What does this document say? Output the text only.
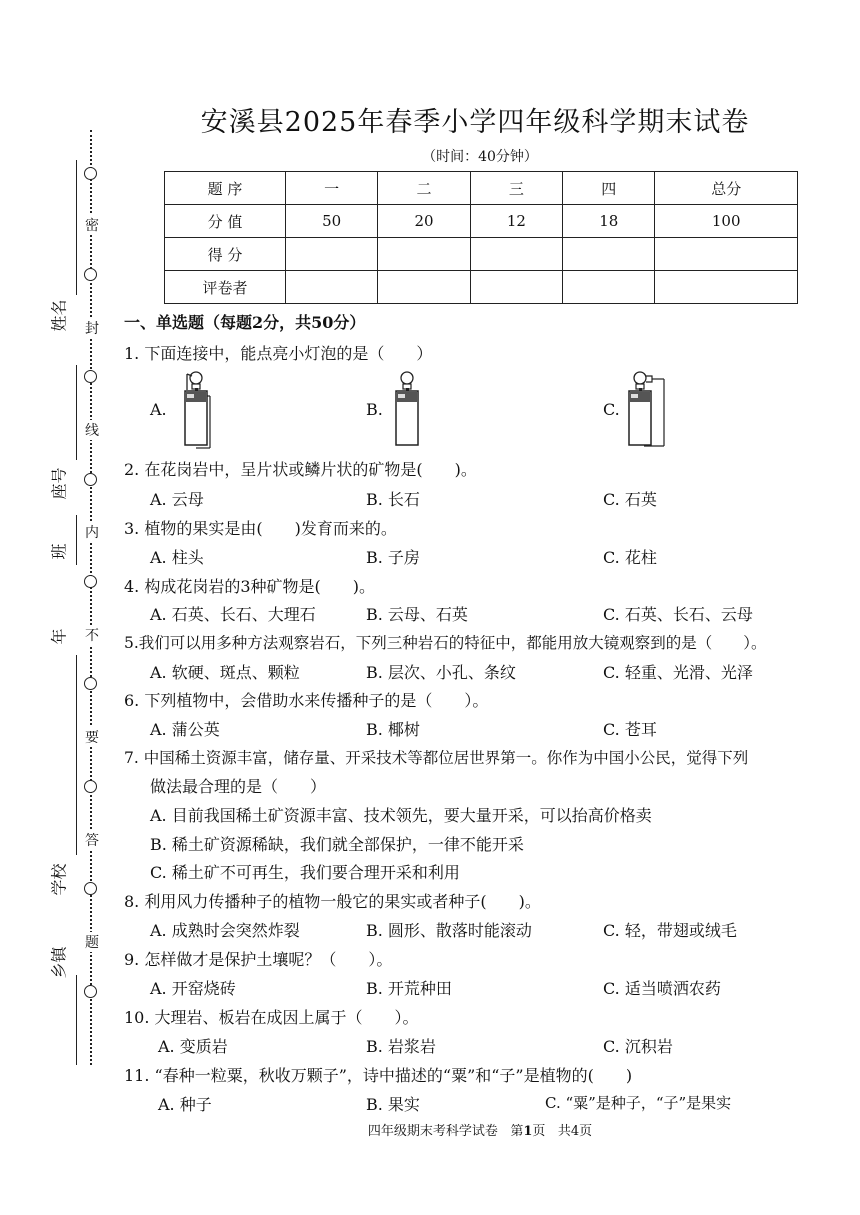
密
封
线
内
不
要
答
题
姓名
座号
班
年
学校
乡镇
安溪县2025年春季小学四年级科学期末试卷
（时间：40分钟）
题 序	一	二	三	四	总分
分 值	50	20	12	18	100
得 分					
评卷者					
一、单选题（每题2分，共50分）
1. 下面连接中，能点亮小灯泡的是（　　）
A.	B.	C.
2. 在花岗岩中，呈片状或鳞片状的矿物是(　　)。
A. 云母	B. 长石	C. 石英
3. 植物的果实是由(　　)发育而来的。
A. 柱头	B. 子房	C. 花柱
4. 构成花岗岩的3种矿物是(　　)。
A. 石英、长石、大理石	B. 云母、石英	C. 石英、长石、云母
5.我们可以用多种方法观察岩石，下列三种岩石的特征中，都能用放大镜观察到的是（　　）。
A. 软硬、斑点、颗粒	B. 层次、小孔、条纹	C. 轻重、光滑、光泽
6. 下列植物中，会借助水来传播种子的是（　　）。
A. 蒲公英	B. 椰树	C. 苍耳
7. 中国稀土资源丰富，储存量、开采技术等都位居世界第一。你作为中国小公民，觉得下列
做法最合理的是（　　）
A. 目前我国稀土矿资源丰富、技术领先，要大量开采，可以抬高价格卖
B. 稀土矿资源稀缺，我们就全部保护，一律不能开采
C. 稀土矿不可再生，我们要合理开采和利用
8. 利用风力传播种子的植物一般它的果实或者种子(　　)。
A. 成熟时会突然炸裂	B. 圆形、散落时能滚动	C. 轻，带翅或绒毛
9. 怎样做才是保护土壤呢？（　　）。
A. 开窑烧砖	B. 开荒种田	C. 适当喷洒农药
10. 大理岩、板岩在成因上属于（　　）。
A. 变质岩	B. 岩浆岩	C. 沉积岩
11. “春种一粒粟，秋收万颗子”，诗中描述的“粟”和“子”是植物的(　　)
A. 种子	B. 果实	C. “粟”是种子，“子”是果实
四年级期末考科学试卷 第1页 共4页
